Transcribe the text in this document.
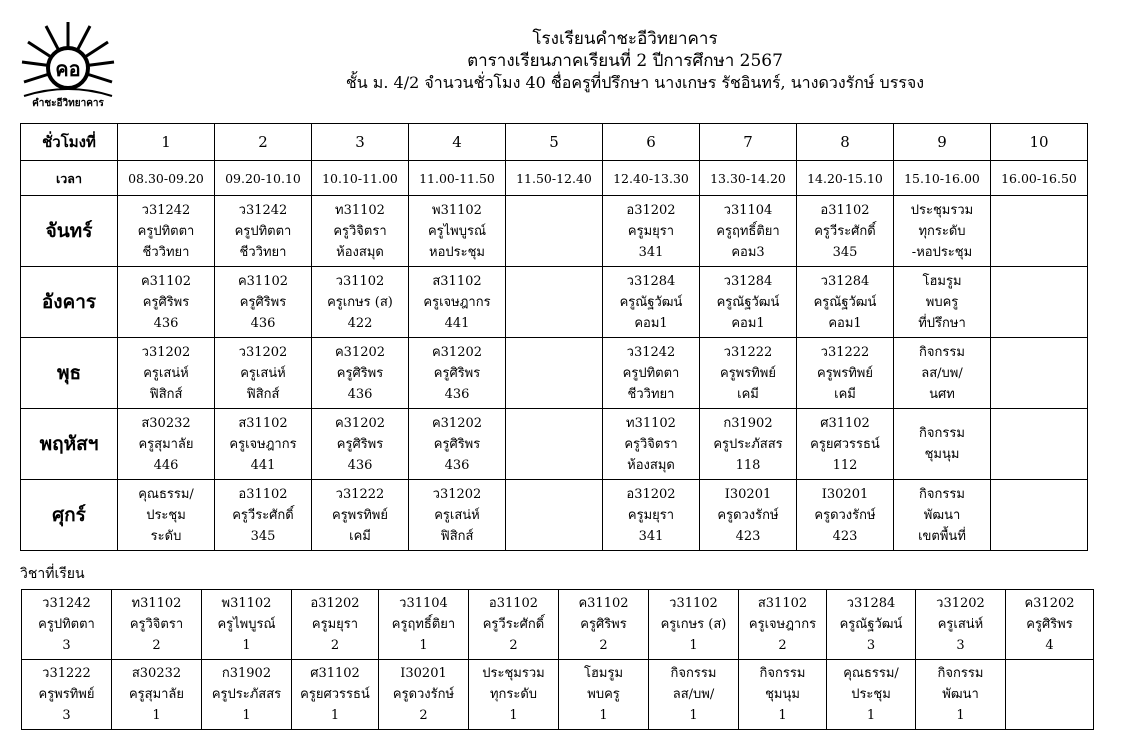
คอ
คำชะอีวิทยาคาร
โรงเรียนคำชะอีวิทยาคาร
ตารางเรียนภาคเรียนที่ 2 ปีการศึกษา 2567
ชั้น ม. 4/2 จำนวนชั่วโมง 40 ชื่อครูที่ปรึกษา นางเกษร รัชอินทร์, นางดวงรักษ์ บรรจง
ชั่วโมงที่	1	2	3	4	5	6	7	8	9	10
เวลา	08.30-09.20	09.20-10.10	10.10-11.00	11.00-11.50	11.50-12.40	12.40-13.30	13.30-14.20	14.20-15.10	15.10-16.00	16.00-16.50
จันทร์	ว31242
ครูปทิตตา
ชีววิทยา	ว31242
ครูปทิตตา
ชีววิทยา	ท31102
ครูวิจิตรา
ห้องสมุด	พ31102
ครูไพบูรณ์
หอประชุม		อ31202
ครูมยุรา
341	ว31104
ครูฤทธิ์ติยา
คอม3	อ31102
ครูวีระศักดิ์
345	ประชุมรวม
ทุกระดับ
-หอประชุม	

อังคาร	ค31102
ครูศิริพร
436	ค31102
ครูศิริพร
436	ว31102
ครูเกษร (ส)
422	ส31102
ครูเจษฎากร
441		ว31284
ครูณัฐวัฒน์
คอม1	ว31284
ครูณัฐวัฒน์
คอม1	ว31284
ครูณัฐวัฒน์
คอม1	โฮมรูม
พบครู
ที่ปรึกษา	

พุธ	ว31202
ครูเสน่ห์
ฟิสิกส์	ว31202
ครูเสน่ห์
ฟิสิกส์	ค31202
ครูศิริพร
436	ค31202
ครูศิริพร
436		ว31242
ครูปทิตตา
ชีววิทยา	ว31222
ครูพรทิพย์
เคมี	ว31222
ครูพรทิพย์
เคมี	กิจกรรม
ลส/บพ/
นศท	

พฤหัสฯ	ส30232
ครูสุมาลัย
446	ส31102
ครูเจษฎากร
441	ค31202
ครูศิริพร
436	ค31202
ครูศิริพร
436		ท31102
ครูวิจิตรา
ห้องสมุด	ก31902
ครูประภัสสร
118	ศ31102
ครูยศวรรธน์
112	กิจกรรม
ชุมนุม	

ศุกร์	คุณธรรม/
ประชุม
ระดับ	อ31102
ครูวีระศักดิ์
345	ว31222
ครูพรทิพย์
เคมี	ว31202
ครูเสน่ห์
ฟิสิกส์		อ31202
ครูมยุรา
341	I30201
ครูดวงรักษ์
423	I30201
ครูดวงรักษ์
423	กิจกรรม
พัฒนา
เขตพื้นที่	

วิชาที่เรียน
ว31242
ครูปทิตตา
3	ท31102
ครูวิจิตรา
2	พ31102
ครูไพบูรณ์
1	อ31202
ครูมยุรา
2	ว31104
ครูฤทธิ์ติยา
1	อ31102
ครูวีระศักดิ์
2	ค31102
ครูศิริพร
2	ว31102
ครูเกษร (ส)
1	ส31102
ครูเจษฎากร
2	ว31284
ครูณัฐวัฒน์
3	ว31202
ครูเสน่ห์
3	ค31202
ครูศิริพร
4

ว31222
ครูพรทิพย์
3	ส30232
ครูสุมาลัย
1	ก31902
ครูประภัสสร
1	ศ31102
ครูยศวรรธน์
1	I30201
ครูดวงรักษ์
2	ประชุมรวม
ทุกระดับ
1	โฮมรูม
พบครู
1	กิจกรรม
ลส/บพ/
1	กิจกรรม
ชุมนุม
1	คุณธรรม/
ประชุม
1	กิจกรรม
พัฒนา
1	
